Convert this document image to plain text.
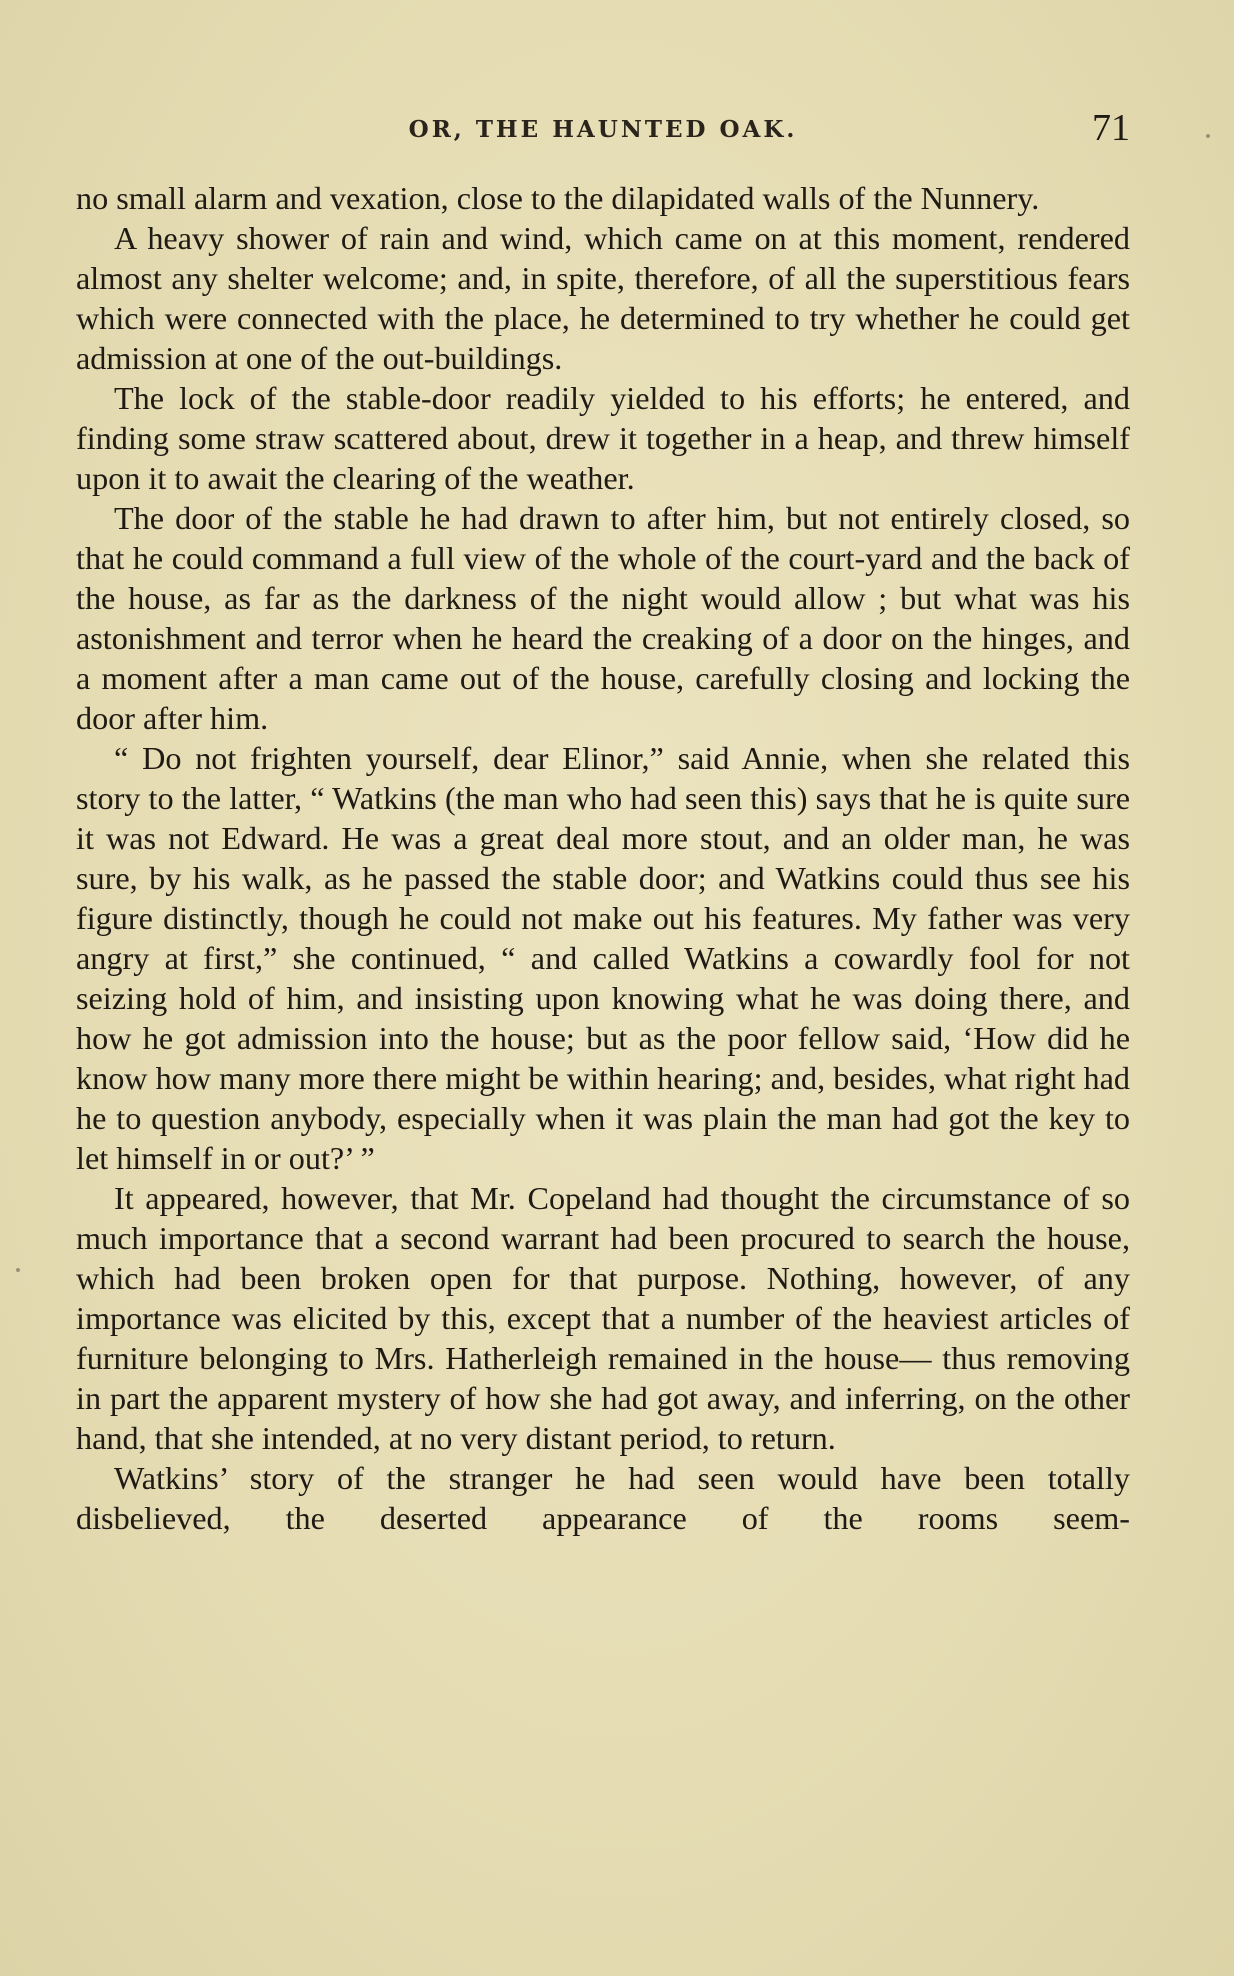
OR, THE HAUNTED OAK.	71

no small alarm and vexation, close to the dilapidated walls of the Nunnery.

A heavy shower of rain and wind, which came on at this moment, rendered almost any shelter welcome; and, in spite, therefore, of all the superstitious fears which were connected with the place, he determined to try whether he could get admission at one of the out-buildings.

The lock of the stable-door readily yielded to his efforts; he entered, and finding some straw scattered about, drew it together in a heap, and threw himself upon it to await the clearing of the weather.

The door of the stable he had drawn to after him, but not entirely closed, so that he could command a full view of the whole of the court-yard and the back of the house, as far as the darkness of the night would allow ; but what was his astonishment and terror when he heard the creaking of a door on the hinges, and a moment after a man came out of the house, carefully closing and locking the door after him.

“ Do not frighten yourself, dear Elinor,” said Annie, when she related this story to the latter, “ Watkins (the man who had seen this) says that he is quite sure it was not Edward. He was a great deal more stout, and an older man, he was sure, by his walk, as he passed the stable door; and Watkins could thus see his figure distinctly, though he could not make out his features. My father was very angry at first,” she continued, “ and called Watkins a cowardly fool for not seizing hold of him, and insisting upon knowing what he was doing there, and how he got admission into the house; but as the poor fellow said, ‘How did he know how many more there might be within hearing; and, besides, what right had he to question anybody, especially when it was plain the man had got the key to let himself in or out?’ ”

It appeared, however, that Mr. Copeland had thought the circumstance of so much importance that a second warrant had been procured to search the house, which had been broken open for that purpose. Nothing, however, of any importance was elicited by this, except that a number of the heaviest articles of furniture belonging to Mrs. Hatherleigh remained in the house— thus removing in part the apparent mystery of how she had got away, and inferring, on the other hand, that she intended, at no very distant period, to return.

Watkins’ story of the stranger he had seen would have been totally disbelieved, the deserted appearance of the rooms seem-
